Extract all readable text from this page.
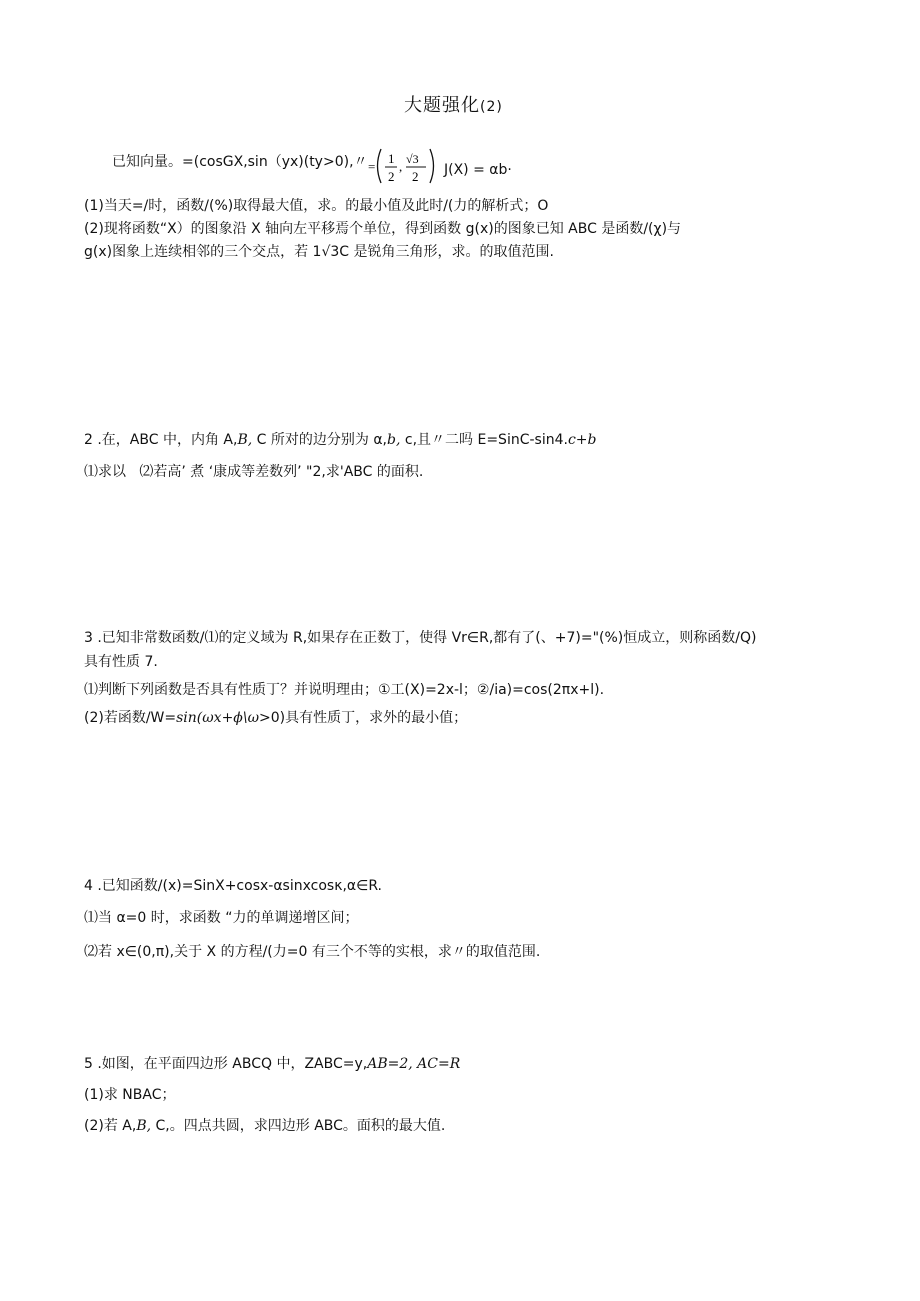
大题强化(2)
已知向量。=(cosGX,sin（yx)(ty>0),〃 =
1
2
, √3
2 J(X) = αb·
(1)当天=/时，函数/(%)取得最大值，求。的最小值及此时/(力的解析式；O
(2)现将函数“X）的图象沿 X 轴向左平移焉个单位，得到函数 g(x)的图象已知 ABC 是函数/(χ)与
g(x)图象上连续相邻的三个交点，若 1√3C 是锐角三角形，求。的取值范围.
2 .在，ABC 中，内角 A,B, C 所对的边分别为 α,b, c,且〃二吗 E=SinC-sin4.c+b
⑴求以 ⑵若高’ 煮 ‘康成等差数列’ "2,求'ABC 的面积.
3 .已知非常数函数/⑴的定义域为 R,如果存在正数丁，使得 Vr∈R,都有了(、+7)="(%)恒成立，则称函数/Q)
具有性质 7.
⑴判断下列函数是否具有性质丁？并说明理由；①工(X)=2x-l；②/ia)=cos(2πx+l).
(2)若函数/W=sin(ωx+ϕ\ω>0)具有性质丁，求外的最小值；
4 .已知函数/(x)=SinX+cosx-αsinxcosκ,α∈R.
⑴当 α=0 时，求函数 “力的单调递增区间；
⑵若 x∈(0,π),关于 X 的方程/(力=0 有三个不等的实根，求〃的取值范围.
5 .如图，在平面四边形 ABCQ 中，ZABC=y,AB=2, AC=R
(1)求 NBAC；
(2)若 A,B, C,。四点共圆，求四边形 ABC。面积的最大值.
